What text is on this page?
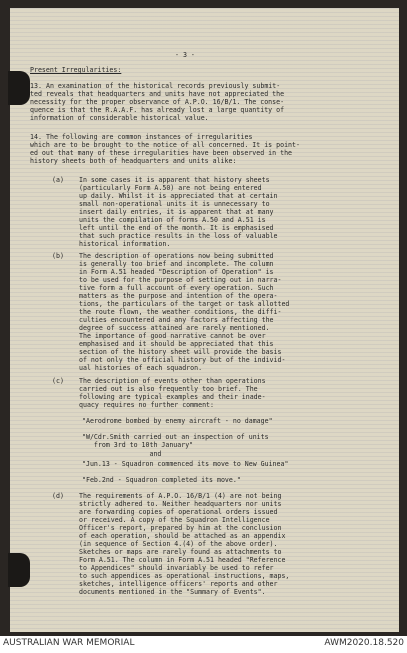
- 3 -
Present Irregularities:
13. An examination of the historical records previously submit-
ted reveals that headquarters and units have not appreciated the
necessity for the proper observance of A.P.O. 16/B/1. The conse-
quence is that the R.A.A.F. has already lost a large quantity of
information of considerable historical value.
14. The following are common instances of irregularities
which are to be brought to the notice of all concerned. It is point-
ed out that many of these irregularities have been observed in the
history sheets both of headquarters and units alike:
(a) In some cases it is apparent that history sheets
(particularly Form A.50) are not being entered
up daily. Whilst it is appreciated that at certain
small non-operational units it is unnecessary to
insert daily entries, it is apparent that at many
units the compilation of forms A.50 and A.51 is
left until the end of the month. It is emphasised
that such practice results in the loss of valuable
historical information.
(b) The description of operations now being submitted
is generally too brief and incomplete. The column
in Form A.51 headed "Description of Operation" is
to be used for the purpose of setting out in narra-
tive form a full account of every operation. Such
matters as the purpose and intention of the opera-
tions, the particulars of the target or task allotted
the route flown, the weather conditions, the diffi-
culties encountered and any factors affecting the
degree of success attained are rarely mentioned.
The importance of good narrative cannot be over
emphasised and it should be appreciated that this
section of the history sheet will provide the basis
of not only the official history but of the individ-
ual histories of each squadron.
(c) The description of events other than operations
carried out is also frequently too brief. The
following are typical examples and their inade-
quacy requires no further comment:
"Aerodrome bombed by enemy aircraft - no damage"
"W/Cdr.Smith carried out an inspection of units
from 3rd to 10th January"
and
"Jun.13 - Squadron commenced its move to New Guinea"
"Feb.2nd - Squadron completed its move."
(d) The requirements of A.P.O. 16/B/1 (4) are not being
strictly adhered to. Neither headquarters nor units
are forwarding copies of operational orders issued
or received. A copy of the Squadron Intelligence
Officer's report, prepared by him at the conclusion
of each operation, should be attached as an appendix
(in sequence of Section 4.(4) of the above order).
Sketches or maps are rarely found as attachments to
Form A.51. The column in Form A.51 headed "Reference
to Appendices" should invariably be used to refer
to such appendices as operational instructions, maps,
sketches, intelligence officers' reports and other
documents mentioned in the "Summary of Events".
AUSTRALIAN WAR MEMORIAL	AWM2020.18.520
